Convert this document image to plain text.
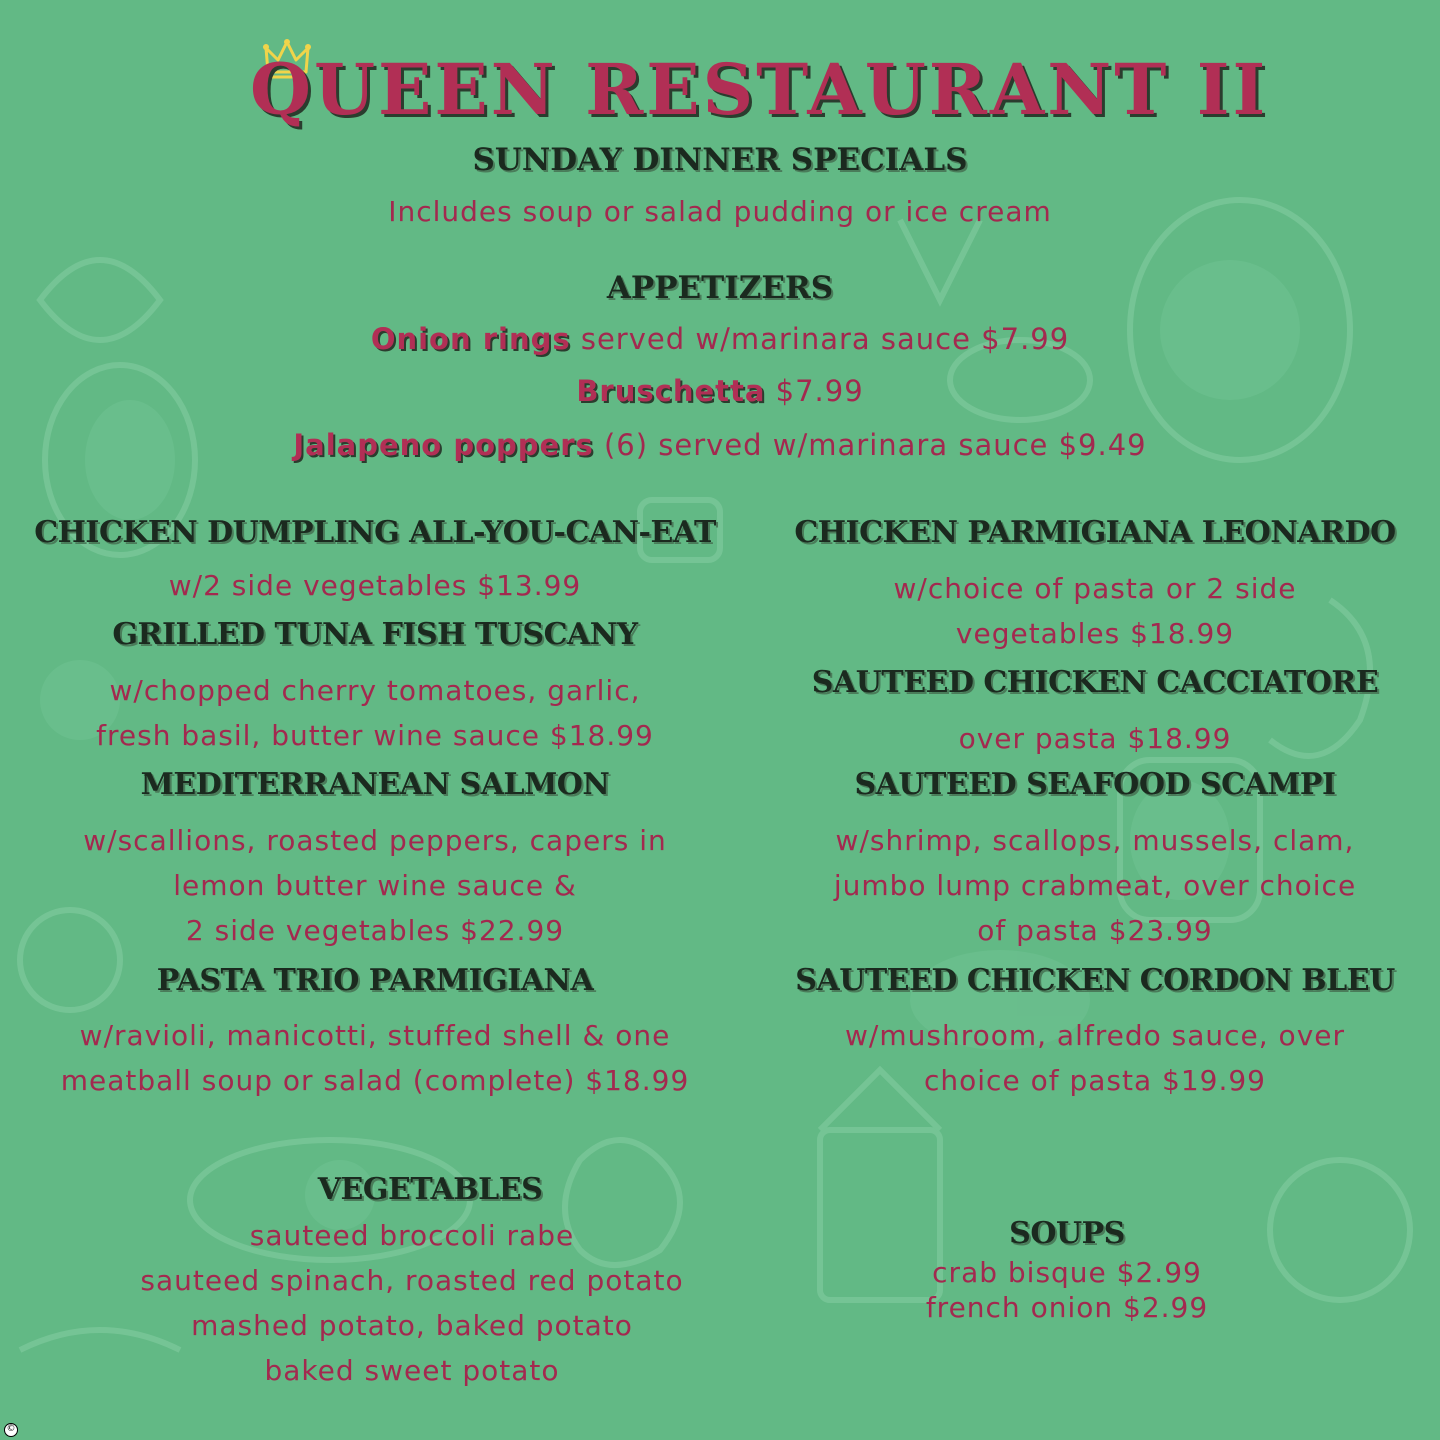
QUEEN RESTAURANT II
SUNDAY DINNER SPECIALS
Includes soup or salad pudding or ice cream
APPETIZERS
Onion rings served w/marinara sauce $7.99
Bruschetta $7.99
Jalapeno poppers (6) served w/marinara sauce $9.49
CHICKEN DUMPLING ALL-YOU-CAN-EAT
w/2 side vegetables $13.99
GRILLED TUNA FISH TUSCANY
w/chopped cherry tomatoes, garlic,
fresh basil, butter wine sauce $18.99
MEDITERRANEAN SALMON
w/scallions, roasted peppers, capers in
lemon butter wine sauce &
2 side vegetables $22.99
PASTA TRIO PARMIGIANA
w/ravioli, manicotti, stuffed shell & one
meatball soup or salad (complete) $18.99
CHICKEN PARMIGIANA LEONARDO
w/choice of pasta or 2 side
vegetables $18.99
SAUTEED CHICKEN CACCIATORE
over pasta $18.99
SAUTEED SEAFOOD SCAMPI
w/shrimp, scallops, mussels, clam,
jumbo lump crabmeat, over choice
of pasta $23.99
SAUTEED CHICKEN CORDON BLEU
w/mushroom, alfredo sauce, over
choice of pasta $19.99
VEGETABLES
sauteed broccoli rabe
sauteed spinach, roasted red potato
mashed potato, baked potato
baked sweet potato
SOUPS
crab bisque $2.99
french onion $2.99
©
